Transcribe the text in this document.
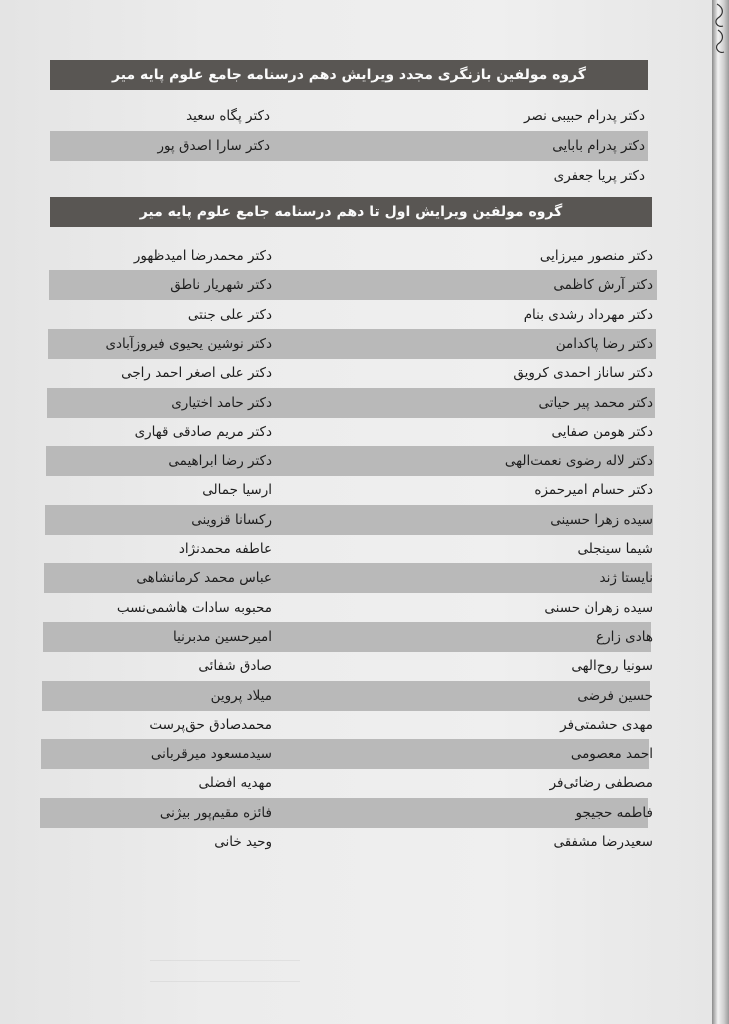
گروه مولفین بازنگری مجدد ویرایش دهم درسنامه جامع علوم پایه میر
دکتر پدرام حبیبی نصر
دکتر پگاه سعید
دکتر پدرام بابایی
دکتر سارا اصدق پور
دکتر پریا جعفری
گروه مولفین ویرایش اول تا دهم درسنامه جامع علوم پایه میر
دکتر منصور میرزایی
دکتر محمدرضا امیدظهور
دکتر آرش کاظمی
دکتر شهریار ناطق
دکتر مهرداد رشدی بنام
دکتر علی جنتی
دکتر رضا پاکدامن
دکتر نوشین یحیوی فیروزآبادی
دکتر ساناز احمدی کرویق
دکتر علی اصغر احمد راجی
دکتر محمد پیر حیاتی
دکتر حامد اختیاری
دکتر هومن صفایی
دکتر مریم صادقی قهاری
دکتر لاله رضوی نعمت‌الهی
دکتر رضا ابراهیمی
دکتر حسام امیرحمزه
ارسیا جمالی
سیده زهرا حسینی
رکسانا قزوینی
شیما سینجلی
عاطفه محمدنژاد
نایستا ژند
عباس محمد کرمانشاهی
سیده زهران حسنی
محبوبه سادات هاشمی‌نسب
هادی زارع
امیرحسین مدبرنیا
سونیا روح‌الهی
صادق شفائی
حسین فرضی
میلاد پروین
مهدی حشمتی‌فر
محمدصادق حق‌پرست
احمد معصومی
سیدمسعود میرقربانی
مصطفی رضائی‌فر
مهدیه افضلی
فاطمه حجیجو
فائزه مقیم‌پور بیژنی
سعیدرضا مشفقی
وحید خانی
